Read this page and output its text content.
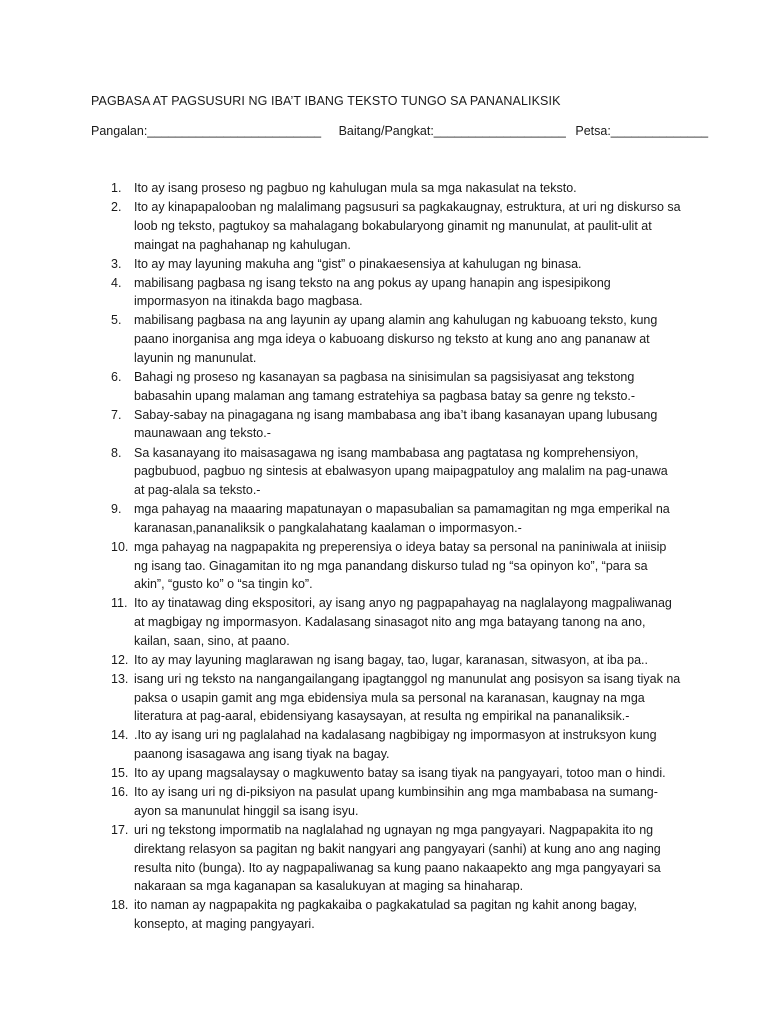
PAGBASA AT PAGSUSURI NG IBA’T IBANG TEKSTO TUNGO SA PANANALIKSIK
Pangalan:_________________________ Baitang/Pangkat:___________________ Petsa:______________
1. Ito ay isang proseso ng pagbuo ng kahulugan mula sa mga nakasulat na teksto.
2. Ito ay kinapapalooban ng malalimang pagsusuri sa pagkakaugnay, estruktura, at uri ng diskurso sa loob ng teksto, pagtukoy sa mahalagang bokabularyong ginamit ng manunulat, at paulit-ulit at maingat na paghahanap ng kahulugan.
3. Ito ay may layuning makuha ang “gist” o pinakaesensiya at kahulugan ng binasa.
4. mabilisang pagbasa ng isang teksto na ang pokus ay upang hanapin ang ispesipikong impormasyon na itinakda bago magbasa.
5. mabilisang pagbasa na ang layunin ay upang alamin ang kahulugan ng kabuoang teksto, kung paano inorganisa ang mga ideya o kabuoang diskurso ng teksto at kung ano ang pananaw at layunin ng manunulat.
6. Bahagi ng proseso ng kasanayan sa pagbasa na sinisimulan sa pagsisiyasat ang tekstong babasahin upang malaman ang tamang estratehiya sa pagbasa batay sa genre ng teksto.-
7. Sabay-sabay na pinagagana ng isang mambabasa ang iba’t ibang kasanayan upang lubusang maunawaan ang teksto.-
8. Sa kasanayang ito maisasagawa ng isang mambabasa ang pagtatasa ng komprehensiyon, pagbubuod, pagbuo ng sintesis at ebalwasyon upang maipagpatuloy ang malalim na pag-unawa at pag-alala sa teksto.-
9. mga pahayag na maaaring mapatunayan o mapasubalian sa pamamagitan ng mga emperikal na karanasan,pananaliksik o pangkalahatang kaalaman o impormasyon.-
10. mga pahayag na nagpapakita ng preperensiya o ideya batay sa personal na paniniwala at iniisip ng isang tao. Ginagamitan ito ng mga panandang diskurso tulad ng “sa opinyon ko”, “para sa akin”, “gusto ko” o “sa tingin ko”.
11. Ito ay tinatawag ding ekspositori, ay isang anyo ng pagpapahayag na naglalayong magpaliwanag at magbigay ng impormasyon. Kadalasang sinasagot nito ang mga batayang tanong na ano, kailan, saan, sino, at paano.
12. Ito ay may layuning maglarawan ng isang bagay, tao, lugar, karanasan, sitwasyon, at iba pa..
13. isang uri ng teksto na nangangailangang ipagtanggol ng manunulat ang posisyon sa isang tiyak na paksa o usapin gamit ang mga ebidensiya mula sa personal na karanasan, kaugnay na mga literatura at pag-aaral, ebidensiyang kasaysayan, at resulta ng empirikal na pananaliksik.-
14. .Ito ay isang uri ng paglalahad na kadalasang nagbibigay ng impormasyon at instruksyon kung paanong isasagawa ang isang tiyak na bagay.
15. Ito ay upang magsalaysay o magkuwento batay sa isang tiyak na pangyayari, totoo man o hindi.
16. Ito ay isang uri ng di-piksiyon na pasulat upang kumbinsihin ang mga mambabasa na sumang-ayon sa manunulat hinggil sa isang isyu.
17. uri ng tekstong impormatib na naglalahad ng ugnayan ng mga pangyayari. Nagpapakita ito ng direktang relasyon sa pagitan ng bakit nangyari ang pangyayari (sanhi) at kung ano ang naging resulta nito (bunga). Ito ay nagpapaliwanag sa kung paano nakaapekto ang mga pangyayari sa nakaraan sa mga kaganapan sa kasalukuyan at maging sa hinaharap.
18. ito naman ay nagpapakita ng pagkakaiba o pagkakatulad sa pagitan ng kahit anong bagay, konsepto, at maging pangyayari.
